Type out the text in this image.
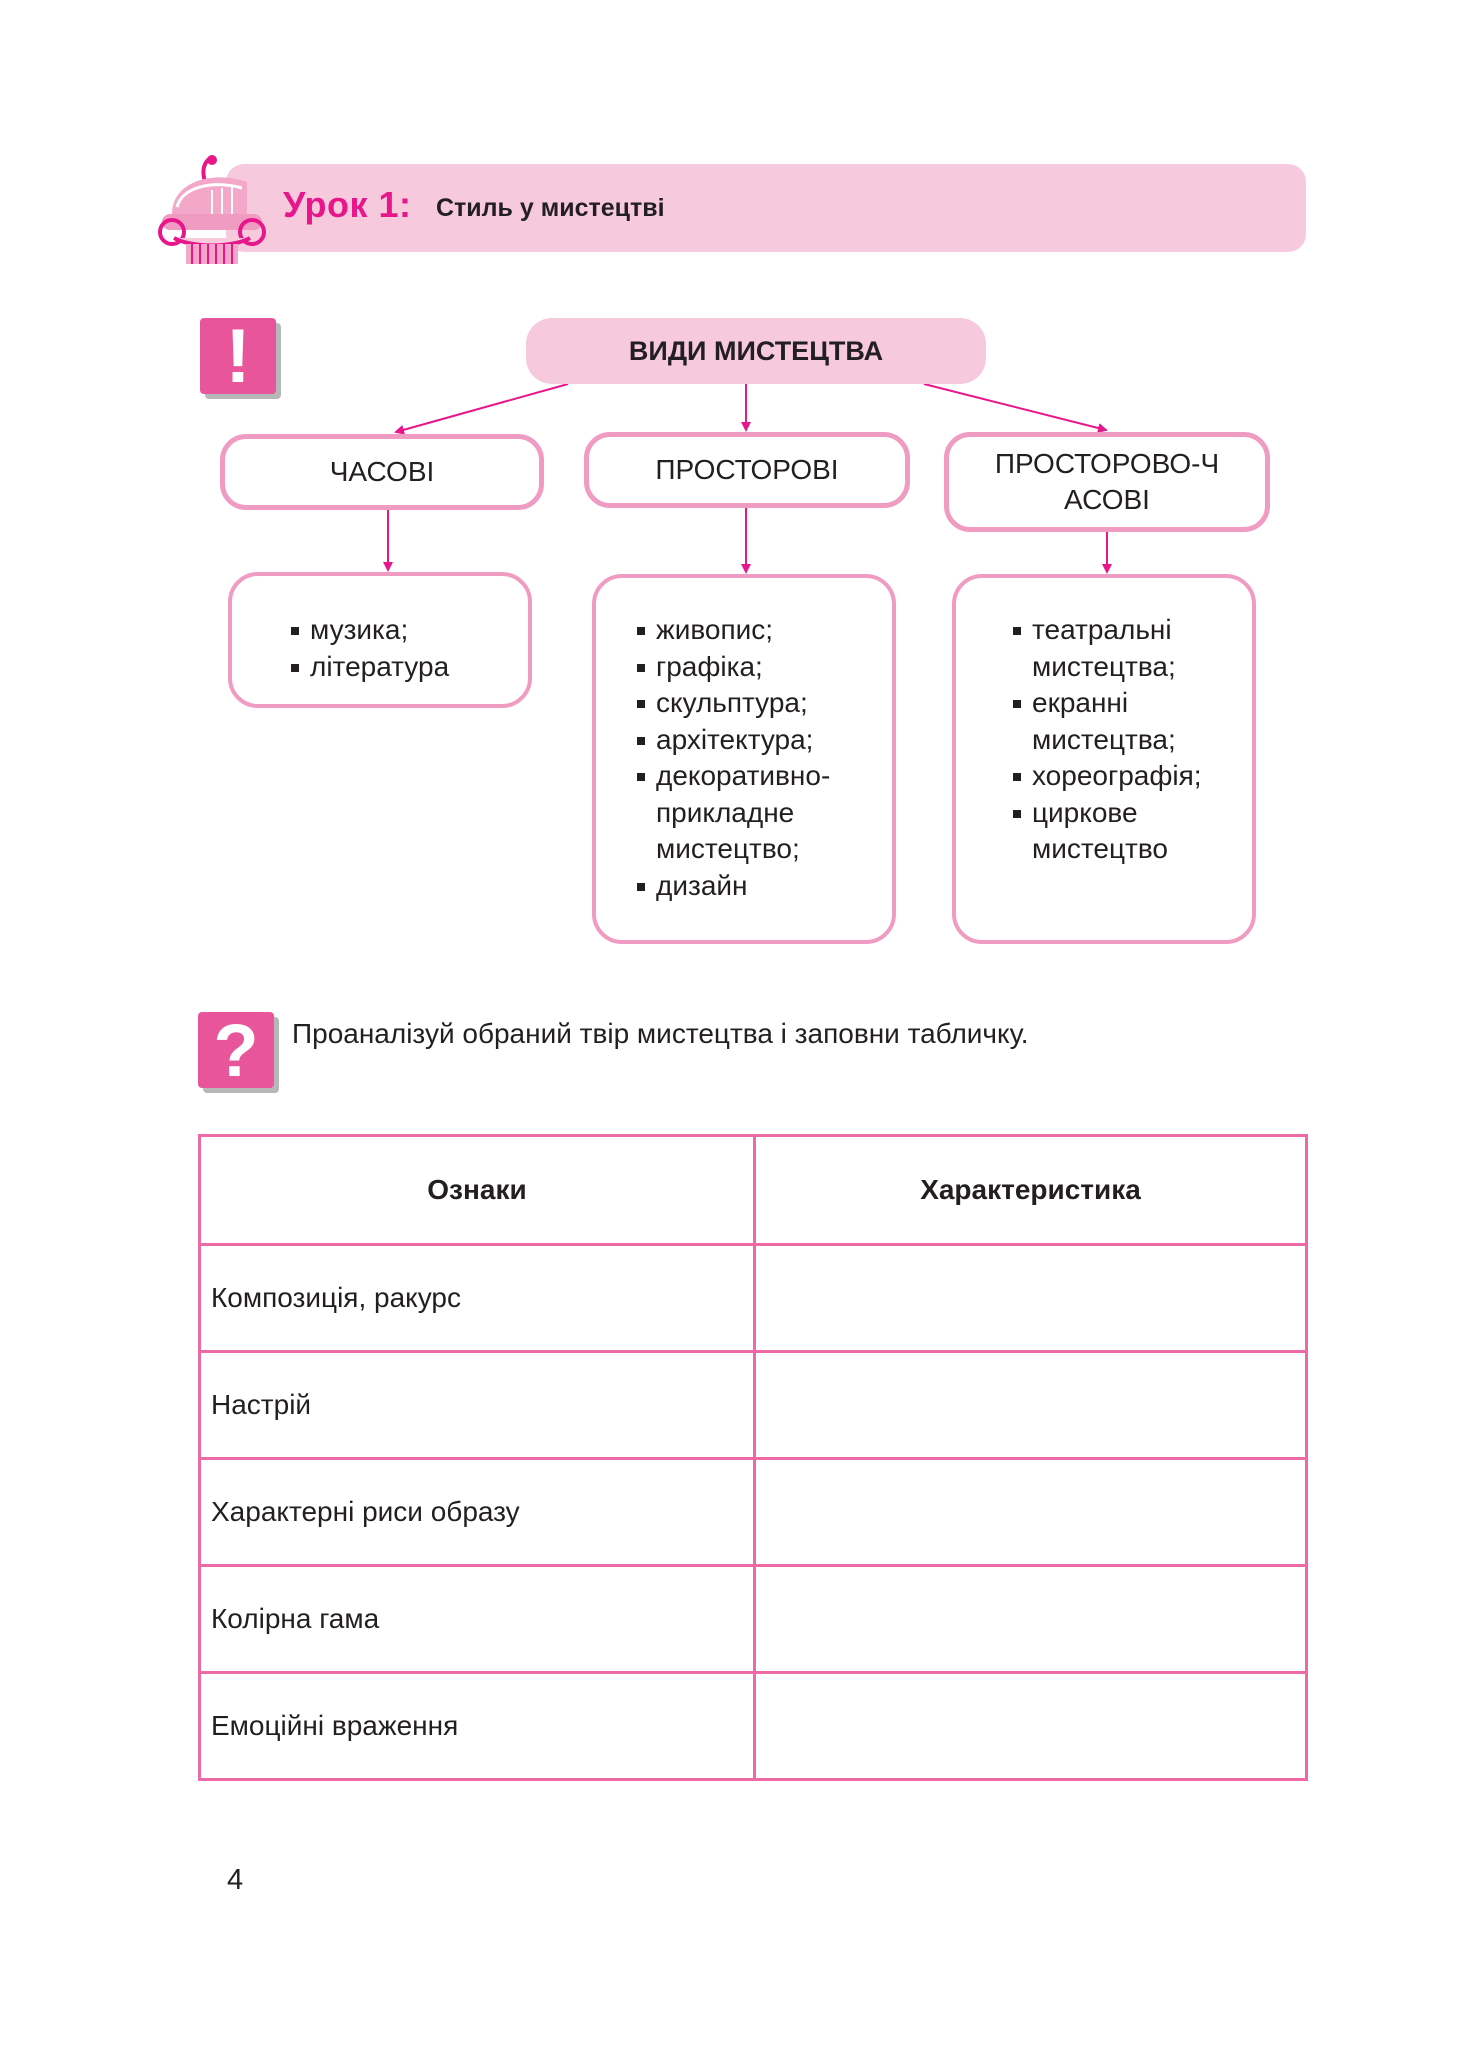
Урок 1: Стиль у мистецтві
!	ВИДИ МИСТЕЦТВА
ЧАСОВІ	ПРОСТОРОВІ	ПРОСТОРОВО-ЧАСОВІ
музика;
література
живопис;
графіка;
скульптура;
архітектура;
декоративно-прикладне мистецтво;
дизайн
театральні мистецтва;
екранні мистецтва;
хореографія;
циркове мистецтво
?	Проаналізуй обраний твір мистецтва і заповни табличку.
Ознаки	Характеристика
Композиція, ракурс	
Настрій	
Характерні риси образу	
Колірна гама	
Емоційні враження	
4
